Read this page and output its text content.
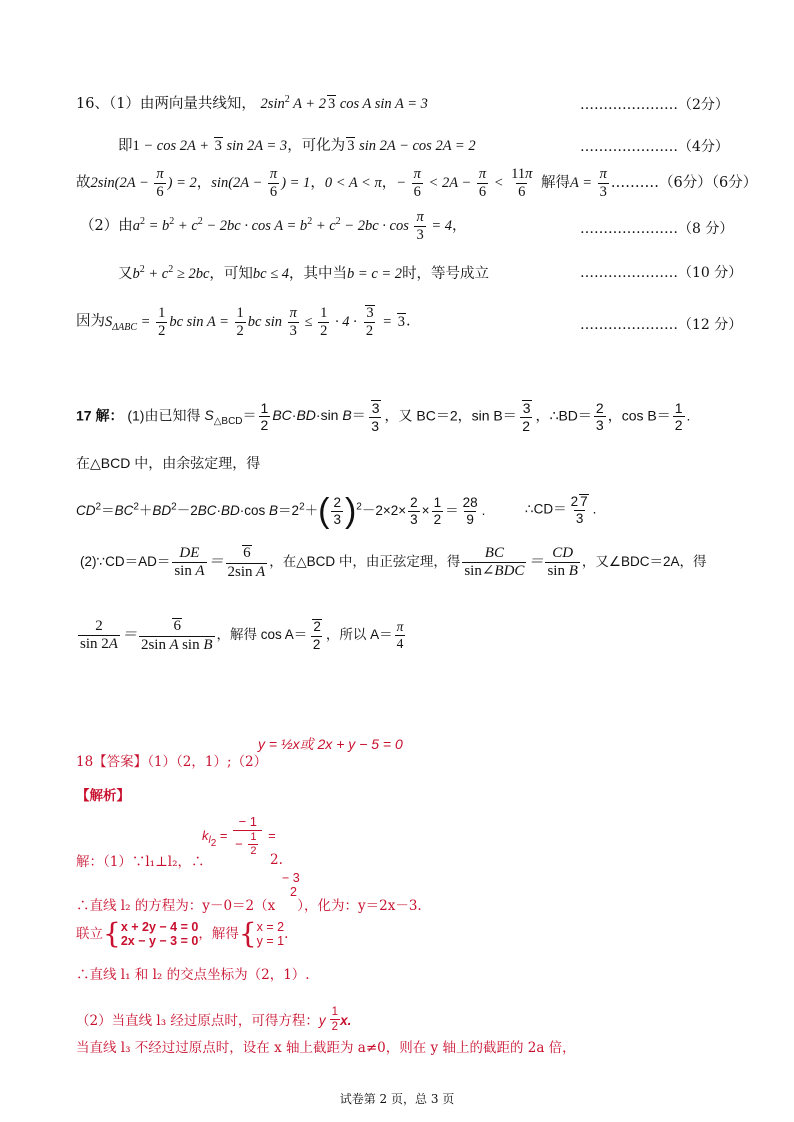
16、（1）由两向量共线知， $2\sin^2$ A + 2 3 cos A sin A = 3	…………………（2分）
即1 − cos 2A + 3 sin 2A = 3，可化为 3 sin 2A − cos 2A = 2	…………………（4分）
故$2\sin(2A - \frac{\pi}{6}$ ) = 2，$\sin(2A - \frac{\pi}{6}$ ) = 1，0 < A < π，− $\frac{\pi}{6} < 2A - \frac{\pi}{6} < \frac{11\pi}{6}$ 解得$A = \frac{\pi}{3}$ .………（6分）（6分）
（2）由$a^2 = b^2 + c^2 - 2bc \cdot \cos A = b^2 + c^2 - 2bc \cdot \cos \frac{\pi}{3} = 4$，	…………………（8 分）
又$b^2 + c^2 \ge 2bc$，可知bc ≤ 4，其中当b = c = 2时，等号成立	…………………（10 分）
因为$S_{\Delta ABC} = \frac{1}{2}$ bc $\sin A = \frac{1}{2}$ bc $\sin \frac{\pi}{3} \le \frac{1}{2} \cdot 4 \cdot \frac{3}{2} = 3$.	…………………（12 分）
17 解： (1)由已知得 $S_{\triangle BCD}= \frac{1}{2} BC\cdot BD\cdot\sin$ $B= \frac{3}{3}$ ，又 BC＝2，$\sin B= \frac{3}{2}$ ，∴BD＝ $\frac{2}{3}$ ，$\cos B= \frac{1}{2}$ .
在△BCD 中，由余弦定理，得
$CD^2=BC^2+BD^2-2BC\cdot BD\cdot\cos$ $B=2^2+( \frac{2}{3} )^2-2\times 2\times \frac{2}{3} \times \frac{1}{2} = \frac{28}{9}$ .	∴CD＝ $\frac{2 7}{3}$ .
(2)∵CD＝AD＝ $\frac{DE}{\text{sin A}} = \frac{6}{\text{2sin A}}$ ，在△BCD 中，由正弦定理，得 $\frac{BC}{\text{sin∠BDC}} = \frac{CD}{\text{sin B}}$ ，又∠BDC＝2A，得
$\frac{2}{\sin 2A} = \frac{6}{\text{2sin A sin B}}$ ，解得 $\cos A= \frac{2}{2}$ ，所以 $A= \frac{\pi}{4}$
18【答案】（1）（2，1）;（2）
y = ½x或 2x + y − 5 = 0
【解析】
$k_{l_2} = \frac{- 1}{- \frac{1}{2}}$ =
解：（1）∵l₁⊥l₂，∴	2.
∴直线 l₂ 的方程为：y－0＝2（x ），化为：y＝2x－3.
− 3
2
联立{ x + 2y − 4 = 0
2x − y − 3 = 0 ，解得{ x = 2
y = 1 .
∴直线 l₁ 和 l₂ 的交点坐标为（2，1）.
（2）当直线 l₃ 经过原点时，可得方程：y $\frac{1}{2} x$.
当直线 l₃ 不经过过原点时，设在 x 轴上截距为 a≠0，则在 y 轴上的截距的 2a 倍，
试卷第 2 页，总 3 页
